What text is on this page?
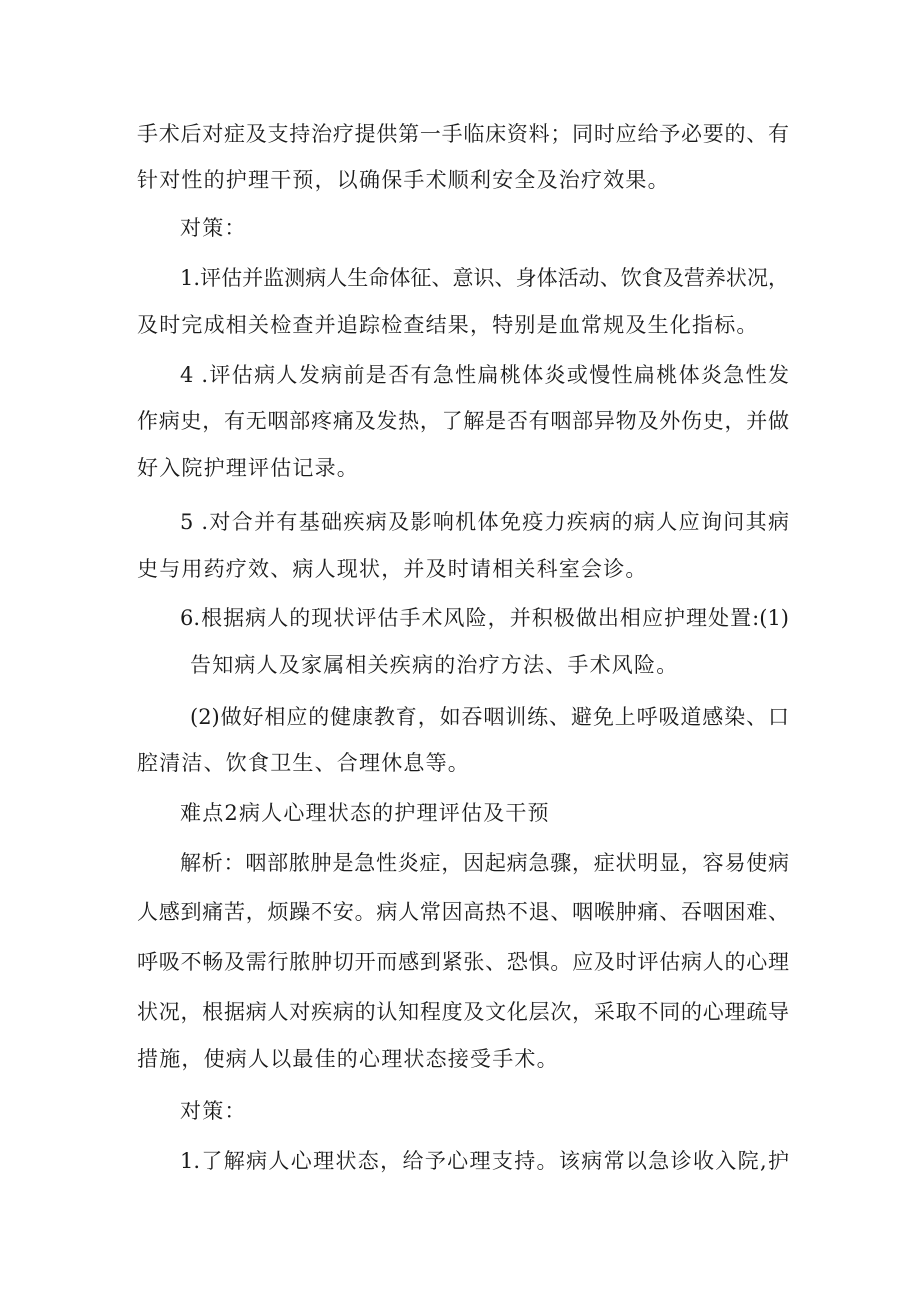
手术后对症及支持治疗提供第一手临床资料；同时应给予必要的、有

针对性的护理干预，以确保手术顺利安全及治疗效果。

对策：

1.评估并监测病人生命体征、意识、身体活动、饮食及营养状况，

及时完成相关检查并追踪检查结果，特别是血常规及生化指标。

4 .评估病人发病前是否有急性扁桃体炎或慢性扁桃体炎急性发

作病史，有无咽部疼痛及发热，了解是否有咽部异物及外伤史，并做

好入院护理评估记录。

5 .对合并有基础疾病及影响机体免疫力疾病的病人应询问其病

史与用药疗效、病人现状，并及时请相关科室会诊。

6.根据病人的现状评估手术风险，并积极做出相应护理处置:(1)

告知病人及家属相关疾病的治疗方法、手术风险。

(2)做好相应的健康教育，如吞咽训练、避免上呼吸道感染、口

腔清洁、饮食卫生、合理休息等。

难点2病人心理状态的护理评估及干预

解析：咽部脓肿是急性炎症，因起病急骤，症状明显，容易使病

人感到痛苦，烦躁不安。病人常因高热不退、咽喉肿痛、吞咽困难、

呼吸不畅及需行脓肿切开而感到紧张、恐惧。应及时评估病人的心理

状况，根据病人对疾病的认知程度及文化层次，采取不同的心理疏导

措施，使病人以最佳的心理状态接受手术。

对策：

1.了解病人心理状态，给予心理支持。该病常以急诊收入院,护
